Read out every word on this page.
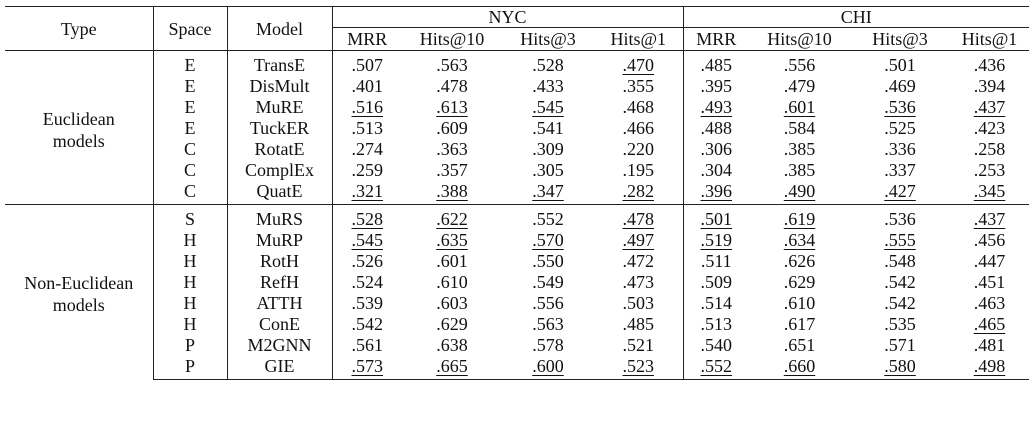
Type	Space	Model	NYC				CHI			
			MRR	Hits@10	Hits@3	Hits@1	MRR	Hits@10	Hits@3	Hits@1

Euclidean
models	E	TransE	.507	.563	.528	.470	.485	.556	.501	.436
	E	DisMult	.401	.478	.433	.355	.395	.479	.469	.394
	E	MuRE	.516	.613	.545	.468	.493	.601	.536	.437
	E	TuckER	.513	.609	.541	.466	.488	.584	.525	.423
	C	RotatE	.274	.363	.309	.220	.306	.385	.336	.258
	C	ComplEx	.259	.357	.305	.195	.304	.385	.337	.253
	C	QuatE	.321	.388	.347	.282	.396	.490	.427	.345

Non-Euclidean
models	S	MuRS	.528	.622	.552	.478	.501	.619	.536	.437
	H	MuRP	.545	.635	.570	.497	.519	.634	.555	.456
	H	RotH	.526	.601	.550	.472	.511	.626	.548	.447
	H	RefH	.524	.610	.549	.473	.509	.629	.542	.451
	H	ATTH	.539	.603	.556	.503	.514	.610	.542	.463
	H	ConE	.542	.629	.563	.485	.513	.617	.535	.465
	P	M2GNN	.561	.638	.578	.521	.540	.651	.571	.481
	P	GIE	.573	.665	.600	.523	.552	.660	.580	.498
